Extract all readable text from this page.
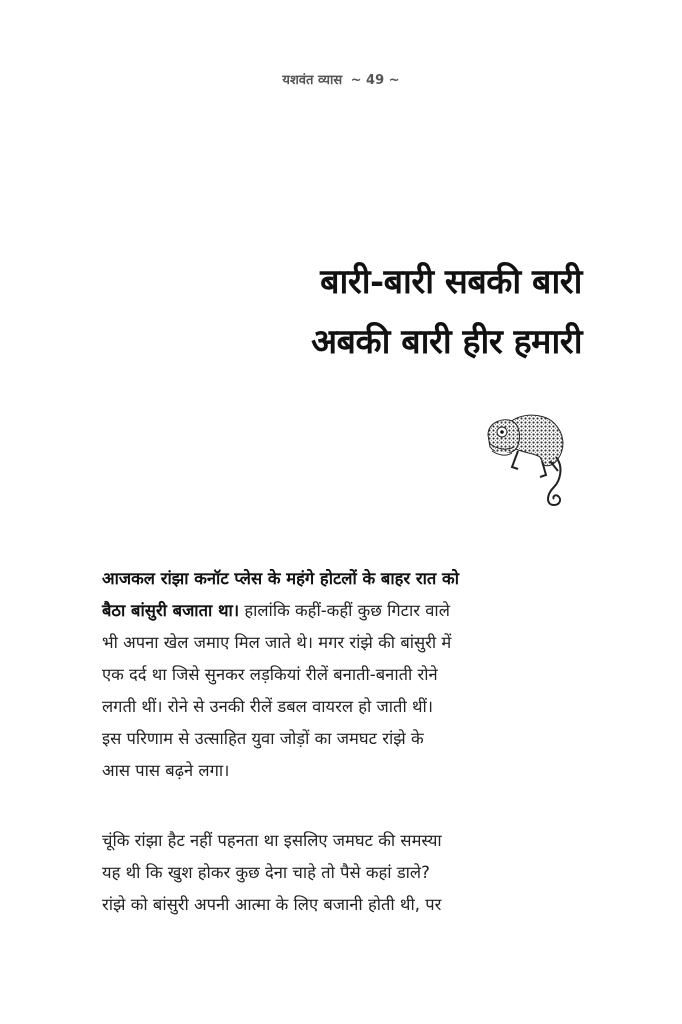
यशवंत व्यास ~ 49 ~
बारी-बारी सबकी बारी
अबकी बारी हीर हमारी
आजकल रांझा कनॉट प्लेस के महंगे होटलों के बाहर रात को
बैठा बांसुरी बजाता था। हालांकि कहीं-कहीं कुछ गिटार वाले
भी अपना खेल जमाए मिल जाते थे। मगर रांझे की बांसुरी में
एक दर्द था जिसे सुनकर लड़कियां रीलें बनाती-बनाती रोने
लगती थीं। रोने से उनकी रीलें डबल वायरल हो जाती थीं।
इस परिणाम से उत्साहित युवा जोड़ों का जमघट रांझे के
आस पास बढ़ने लगा।
चूंकि रांझा हैट नहीं पहनता था इसलिए जमघट की समस्या
यह थी कि खुश होकर कुछ देना चाहे तो पैसे कहां डाले?
रांझे को बांसुरी अपनी आत्मा के लिए बजानी होती थी, पर
